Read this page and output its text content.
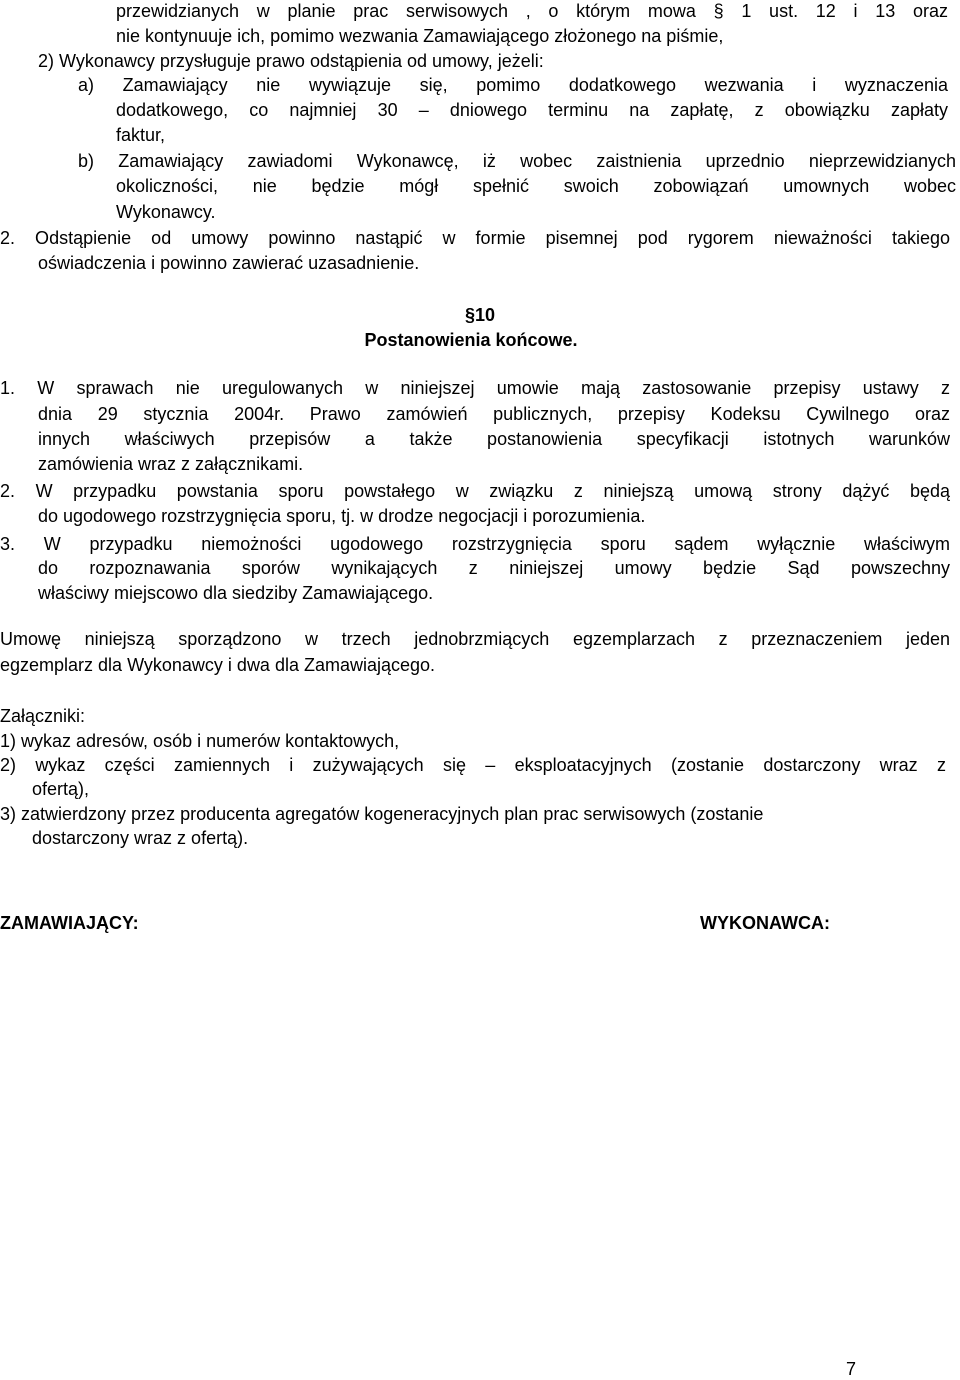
przewidzianych w planie prac serwisowych , o którym mowa § 1 ust. 12 i 13 oraz
nie kontynuuje ich, pomimo wezwania Zamawiającego złożonego na piśmie,
2) Wykonawcy przysługuje prawo odstąpienia od umowy, jeżeli:
a) Zamawiający nie wywiązuje się, pomimo dodatkowego wezwania i wyznaczenia
dodatkowego, co najmniej 30 – dniowego terminu na zapłatę, z obowiązku zapłaty
faktur,
b) Zamawiający zawiadomi Wykonawcę, iż wobec zaistnienia uprzednio nieprzewidzianych
okoliczności, nie będzie mógł spełnić swoich zobowiązań umownych wobec
Wykonawcy.
2. Odstąpienie od umowy powinno nastąpić w formie pisemnej pod rygorem nieważności takiego
oświadczenia i powinno zawierać uzasadnienie.
§10
Postanowienia końcowe.
1. W sprawach nie uregulowanych w niniejszej umowie mają zastosowanie przepisy ustawy z
dnia 29 stycznia 2004r. Prawo zamówień publicznych, przepisy Kodeksu Cywilnego oraz
innych właściwych przepisów a także postanowienia specyfikacji istotnych warunków
zamówienia wraz z załącznikami.
2. W przypadku powstania sporu powstałego w związku z niniejszą umową strony dążyć będą
do ugodowego rozstrzygnięcia sporu, tj. w drodze negocjacji i porozumienia.
3. W przypadku niemożności ugodowego rozstrzygnięcia sporu sądem wyłącznie właściwym
do rozpoznawania sporów wynikających z niniejszej umowy będzie Sąd powszechny
właściwy miejscowo dla siedziby Zamawiającego.
Umowę niniejszą sporządzono w trzech jednobrzmiących egzemplarzach z przeznaczeniem jeden
egzemplarz dla Wykonawcy i dwa dla Zamawiającego.
Załączniki:
1) wykaz adresów, osób i numerów kontaktowych,
2) wykaz części zamiennych i zużywających się – eksploatacyjnych (zostanie dostarczony wraz z
ofertą),
3) zatwierdzony przez producenta agregatów kogeneracyjnych plan prac serwisowych (zostanie
dostarczony wraz z ofertą).
ZAMAWIAJĄCY:	WYKONAWCA:
7
